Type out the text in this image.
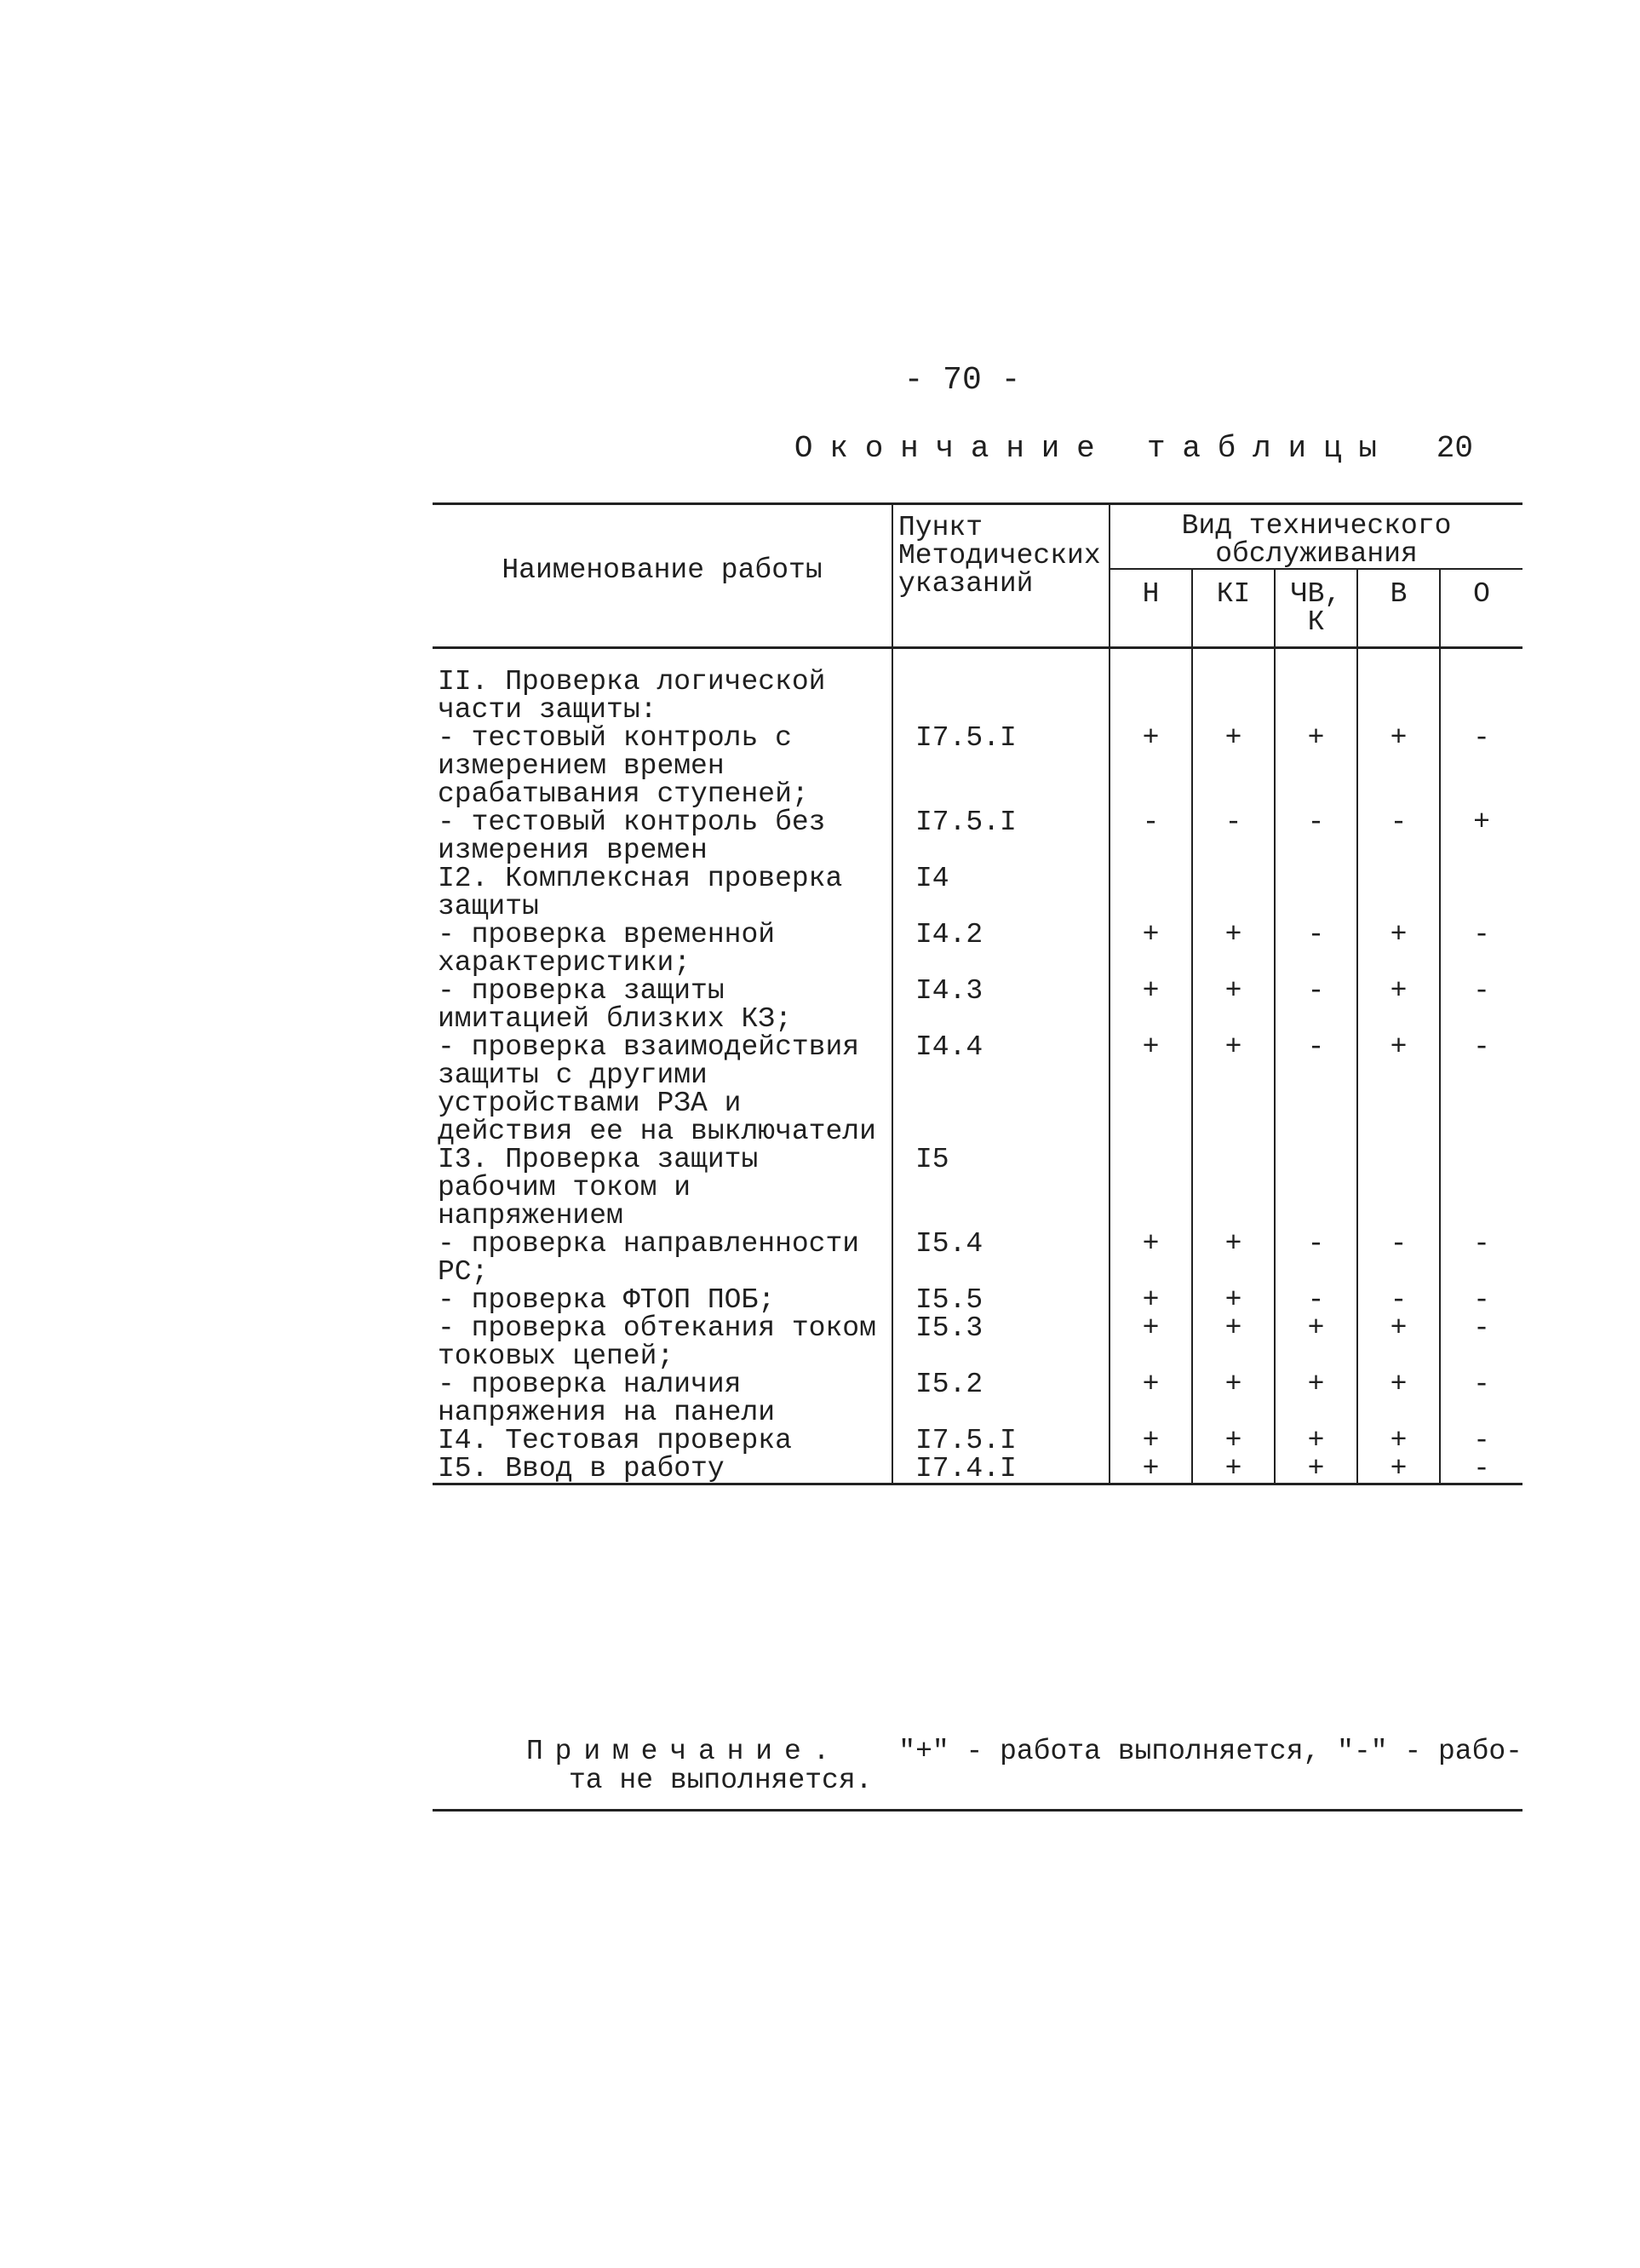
- 70 -
Окончание таблицы 20
Наименование работы	Пункт Методических указаний	Вид технического обслуживания				
		Н	КI	ЧВ, К	В	О

II. Проверка логической части защиты:						
- тестовый контроль с измерением времен срабатывания ступеней;	I7.5.I	+	+	+	+	-
- тестовый контроль без измерения времен	I7.5.I	-	-	-	-	+
I2. Комплексная проверка защиты	I4					
- проверка временной характеристики;	I4.2	+	+	-	+	-
- проверка защиты имитацией близких КЗ;	I4.3	+	+	-	+	-
- проверка взаимодействия защиты с другими устройствами РЗА и действия ее на выключатели	I4.4	+	+	-	+	-
I3. Проверка защиты рабочим током и напряжением	I5					
- проверка направленности РС;	I5.4	+	+	-	-	-
- проверка ФТОП ПОБ;	I5.5	+	+	-	-	-
- проверка обтекания током токовых цепей;	I5.3	+	+	+	+	-
- проверка наличия напряжения на панели	I5.2	+	+	+	+	-
I4. Тестовая проверка	I7.5.I	+	+	+	+	-
I5. Ввод в работу	I7.4.I	+	+	+	+	-
Примечание.	"+" - работа выполняется, "-" - рабо-
та не выполняется.
